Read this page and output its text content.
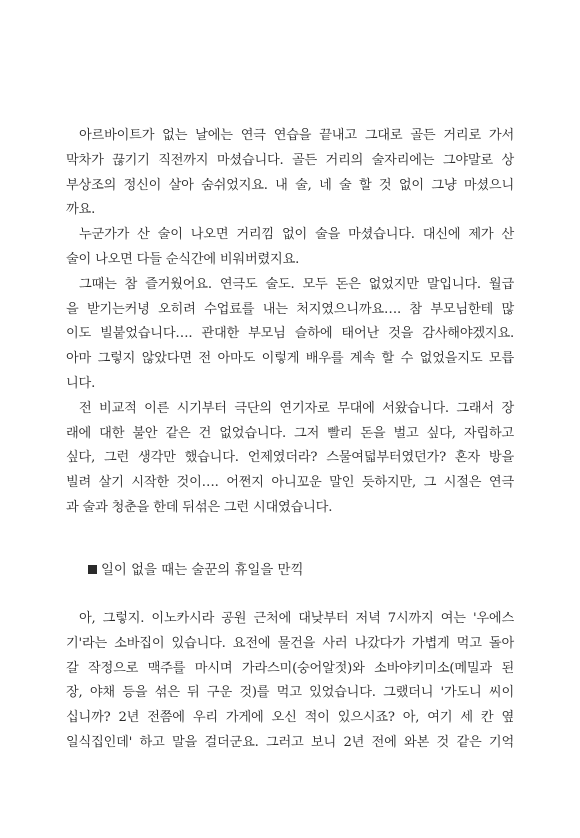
아르바이트가 없는 날에는 연극 연습을 끝내고 그대로 골든 거리로 가서
막차가 끊기기 직전까지 마셨습니다. 골든 거리의 술자리에는 그야말로 상
부상조의 정신이 살아 숨쉬었지요. 내 술, 네 술 할 것 없이 그냥 마셨으니
까요.
누군가가 산 술이 나오면 거리낌 없이 술을 마셨습니다. 대신에 제가 산
술이 나오면 다들 순식간에 비워버렸지요.
그때는 참 즐거웠어요. 연극도 술도. 모두 돈은 없었지만 말입니다. 월급
을 받기는커녕 오히려 수업료를 내는 처지였으니까요…. 참 부모님한테 많
이도 빌붙었습니다…. 관대한 부모님 슬하에 태어난 것을 감사해야겠지요.
아마 그렇지 않았다면 전 아마도 이렇게 배우를 계속 할 수 없었을지도 모릅
니다.
전 비교적 이른 시기부터 극단의 연기자로 무대에 서왔습니다. 그래서 장
래에 대한 불안 같은 건 없었습니다. 그저 빨리 돈을 벌고 싶다, 자립하고
싶다, 그런 생각만 했습니다. 언제였더라? 스물여덟부터였던가? 혼자 방을
빌려 살기 시작한 것이…. 어쩐지 아니꼬운 말인 듯하지만, 그 시절은 연극
과 술과 청춘을 한데 뒤섞은 그런 시대였습니다.
일이 없을 때는 술꾼의 휴일을 만끽
아, 그렇지. 이노카시라 공원 근처에 대낮부터 저녁 7시까지 여는 '우에스
기'라는 소바집이 있습니다. 요전에 물건을 사러 나갔다가 가볍게 먹고 돌아
갈 작정으로 맥주를 마시며 가라스미(숭어알젓)와 소바야키미소(메밀과 된
장, 야채 등을 섞은 뒤 구운 것)를 먹고 있었습니다. 그랬더니 '가도니 씨이
십니까? 2년 전쯤에 우리 가게에 오신 적이 있으시죠? 아, 여기 세 칸 옆
일식집인데' 하고 말을 걸더군요. 그러고 보니 2년 전에 와본 것 같은 기억
